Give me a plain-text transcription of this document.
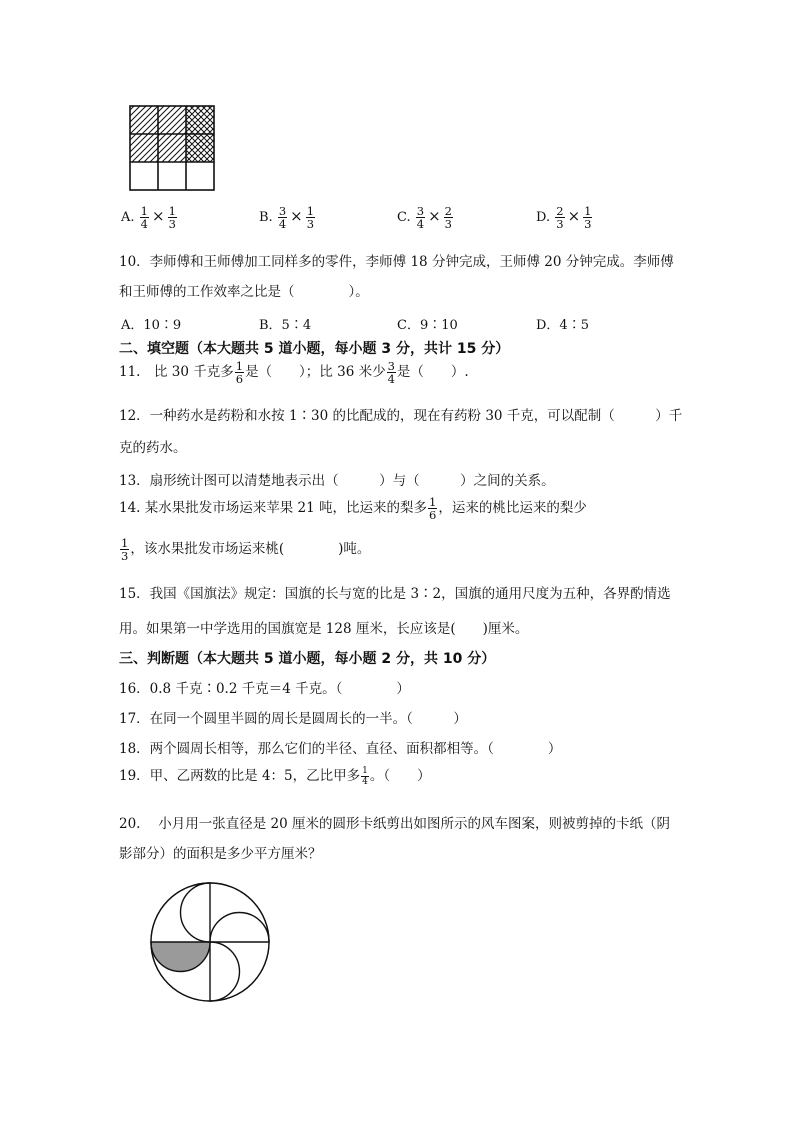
A. $\frac{1}{4} \times \frac{1}{3}$	B. $\frac{3}{4} \times \frac{1}{3}$	C. $\frac{3}{4} \times \frac{2}{3}$	D. $\frac{2}{3} \times \frac{1}{3}$
10．李师傅和王师傅加工同样多的零件，李师傅 18 分钟完成，王师傅 20 分钟完成。李师傅
和王师傅的工作效率之比是（　　　　）。
A．10∶9	B．5∶4	C．9∶10	D．4∶5
二、填空题（本大题共 5 道小题，每小题 3 分，共计 15 分）
11.　比 30 千克多 $\frac{1}{6}$ 是（　　）；比 36 米少 $\frac{3}{4}$ 是（　　）.
12．一种药水是药粉和水按 1∶30 的比配成的，现在有药粉 30 千克，可以配制（　　　）千
克的药水。
13．扇形统计图可以清楚地表示出（　　　）与（　　　）之间的关系。
14. 某水果批发市场运来苹果 21 吨，比运来的梨多 $\frac{1}{6}$ ，运来的桃比运来的梨少
$\frac{1}{3}$ ，该水果批发市场运来桃(　　　　)吨。
15．我国《国旗法》规定：国旗的长与宽的比是 3∶2，国旗的通用尺度为五种，各界酌情选
用。如果第一中学选用的国旗宽是 128 厘米，长应该是(　　)厘米。
三、判断题（本大题共 5 道小题，每小题 2 分，共 10 分）
16．0.8 千克∶0.2 千克＝4 千克。（　　　　）
17．在同一个圆里半圆的周长是圆周长的一半。（　　　）
18．两个圆周长相等，那么它们的半径、直径、面积都相等。（　　　　）
19．甲、乙两数的比是 4：5，乙比甲多 $\frac{1}{4}$ 。（　　）
20.　 小月用一张直径是 20 厘米的圆形卡纸剪出如图所示的风车图案，则被剪掉的卡纸（阴
影部分）的面积是多少平方厘米？
